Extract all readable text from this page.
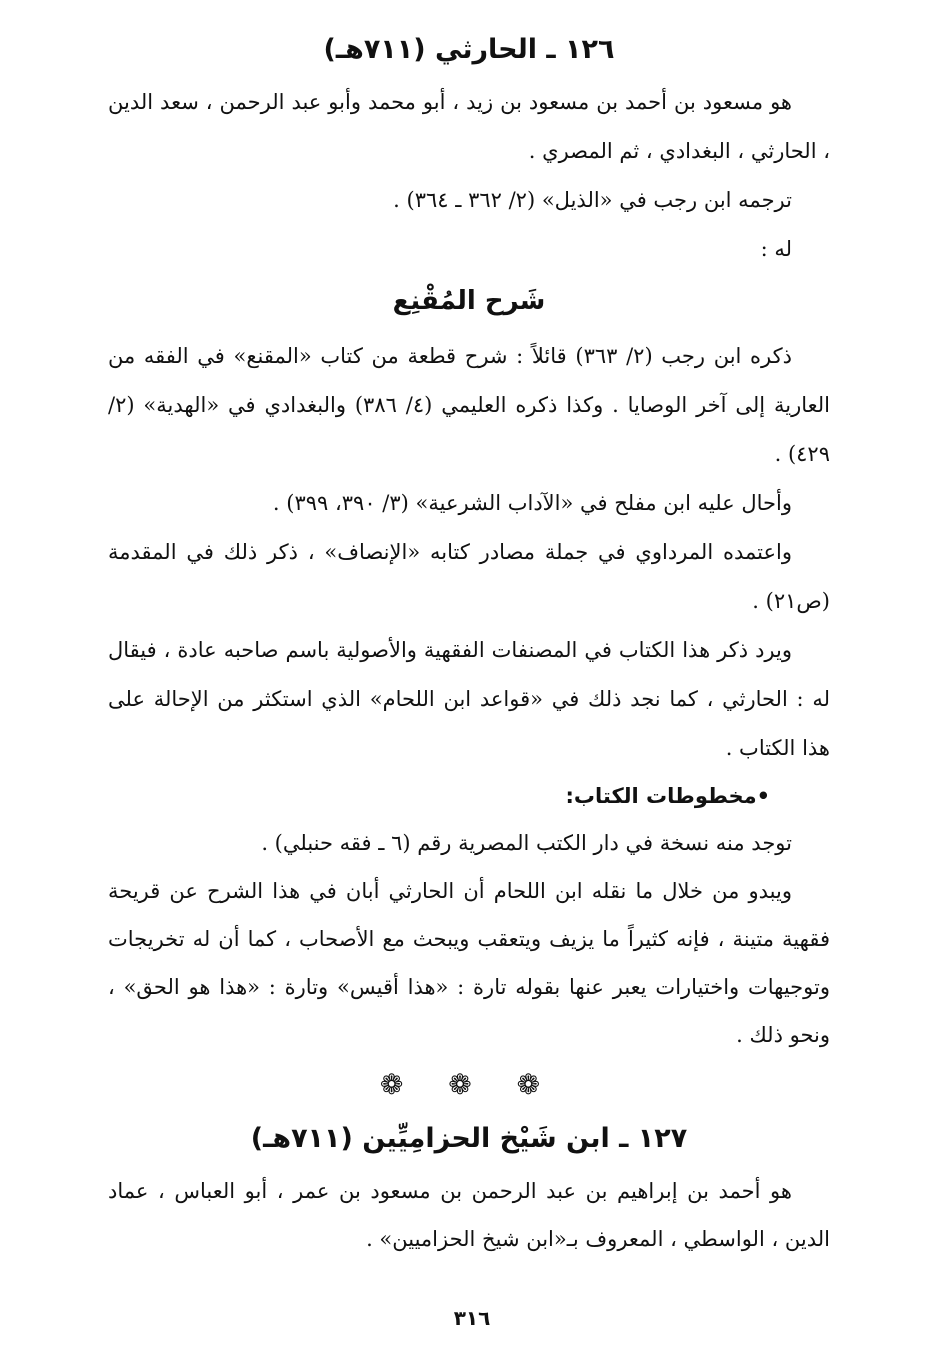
١٢٦ ـ الحارثي (٧١١هـ)

هو مسعود بن أحمد بن مسعود بن زيد ، أبو محمد وأبو عبد الرحمن ، سعد الدين ، الحارثي ، البغدادي ، ثم المصري .

ترجمه ابن رجب في «الذيل» (٢/ ٣٦٢ ـ ٣٦٤) .

له :

شَرح المُقْنِع

ذكره ابن رجب (٢/ ٣٦٣) قائلاً : شرح قطعة من كتاب «المقنع» في الفقه من العارية إلى آخر الوصايا . وكذا ذكره العليمي (٤/ ٣٨٦) والبغدادي في «الهدية» (٢/ ٤٢٩) .

وأحال عليه ابن مفلح في «الآداب الشرعية» (٣/ ٣٩٠، ٣٩٩) .

واعتمده المرداوي في جملة مصادر كتابه «الإنصاف» ، ذكر ذلك في المقدمة (ص٢١) .

ويرد ذكر هذا الكتاب في المصنفات الفقهية والأصولية باسم صاحبه عادة ، فيقال له : الحارثي ، كما نجد ذلك في «قواعد ابن اللحام» الذي استكثر من الإحالة على هذا الكتاب .

•مخطوطات الكتاب:

توجد منه نسخة في دار الكتب المصرية رقم (٦ ـ فقه حنبلي) .

ويبدو من خلال ما نقله ابن اللحام أن الحارثي أبان في هذا الشرح عن قريحة فقهية متينة ، فإنه كثيراً ما يزيف ويتعقب ويبحث مع الأصحاب ، كما أن له تخريجات وتوجيهات واختيارات يعبر عنها بقوله تارة : «هذا أقيس» وتارة : «هذا هو الحق» ، ونحو ذلك .

❁ ❁ ❁
١٢٧ ـ ابن شَيْخ الحزامِيِّين (٧١١هـ)

هو أحمد بن إبراهيم بن عبد الرحمن بن مسعود بن عمر ، أبو العباس ، عماد الدين ، الواسطي ، المعروف بـ«ابن شيخ الحزاميين» .

٣١٦
